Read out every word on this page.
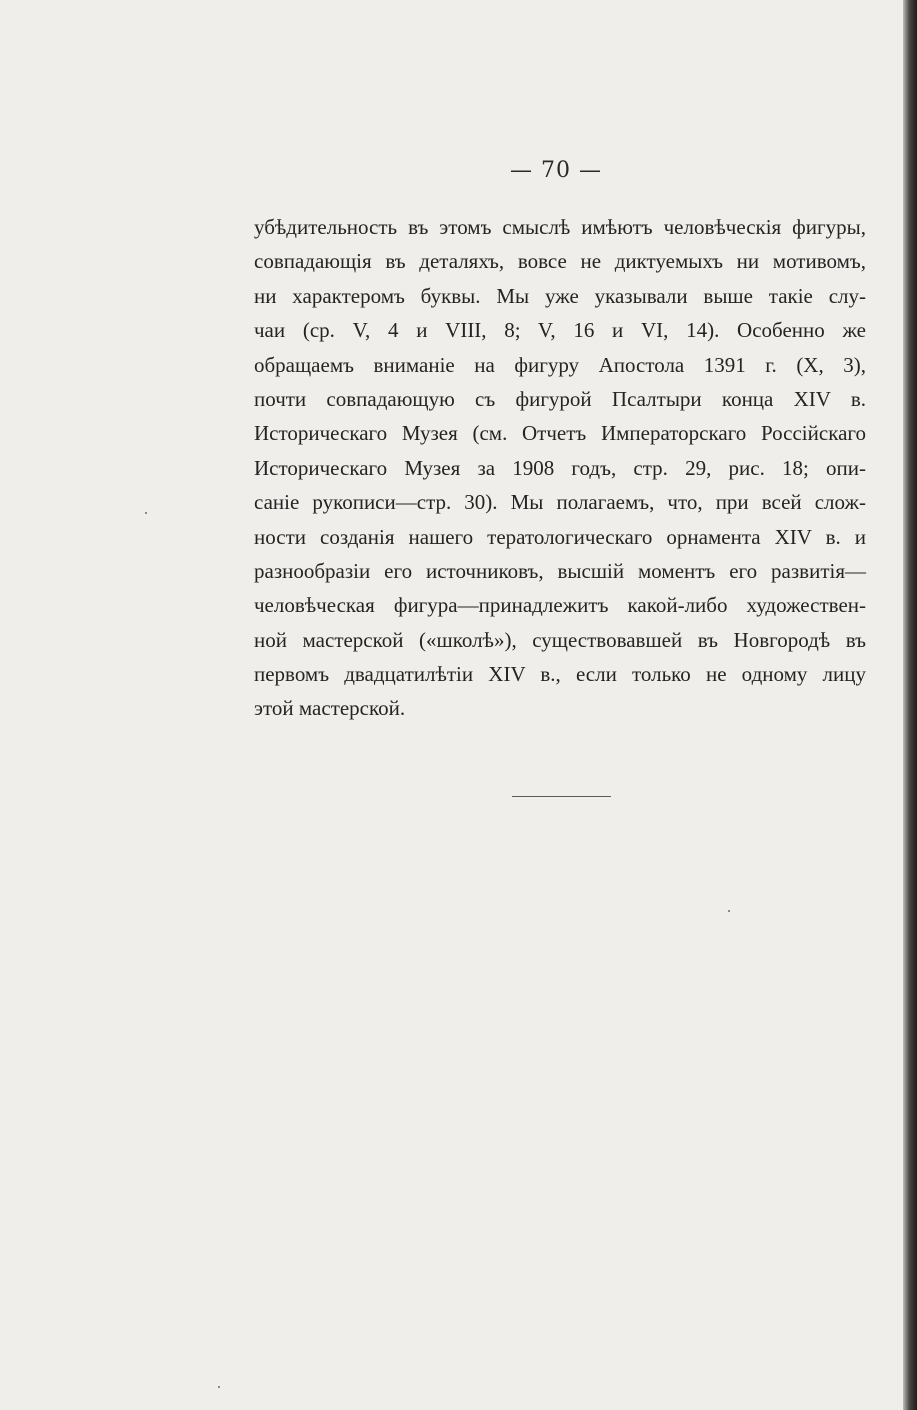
— 70 —
убѣдительность въ этомъ смыслѣ имѣютъ человѣческія фигуры,
совпадающія въ деталяхъ, вовсе не диктуемыхъ ни мотивомъ,
ни характеромъ буквы. Мы уже указывали выше такіе слу-
чаи (ср. V, 4 и VIII, 8; V, 16 и VI, 14). Особенно же
обращаемъ вниманіе на фигуру Апостола 1391 г. (X, 3),
почти совпадающую съ фигурой Псалтыри конца XIV в.
Историческаго Музея (см. Отчетъ Императорскаго Россійскаго
Историческаго Музея за 1908 годъ, стр. 29, рис. 18; опи-
саніе рукописи—стр. 30). Мы полагаемъ, что, при всей слож-
ности созданія нашего тератологическаго орнамента XIV в. и
разнообразіи его источниковъ, высшій моментъ его развитія—
человѣческая фигура—принадлежитъ какой-либо художествен-
ной мастерской («школѣ»), существовавшей въ Новгородѣ въ
первомъ двадцатилѣтіи XIV в., если только не одному лицу
этой мастерской.
